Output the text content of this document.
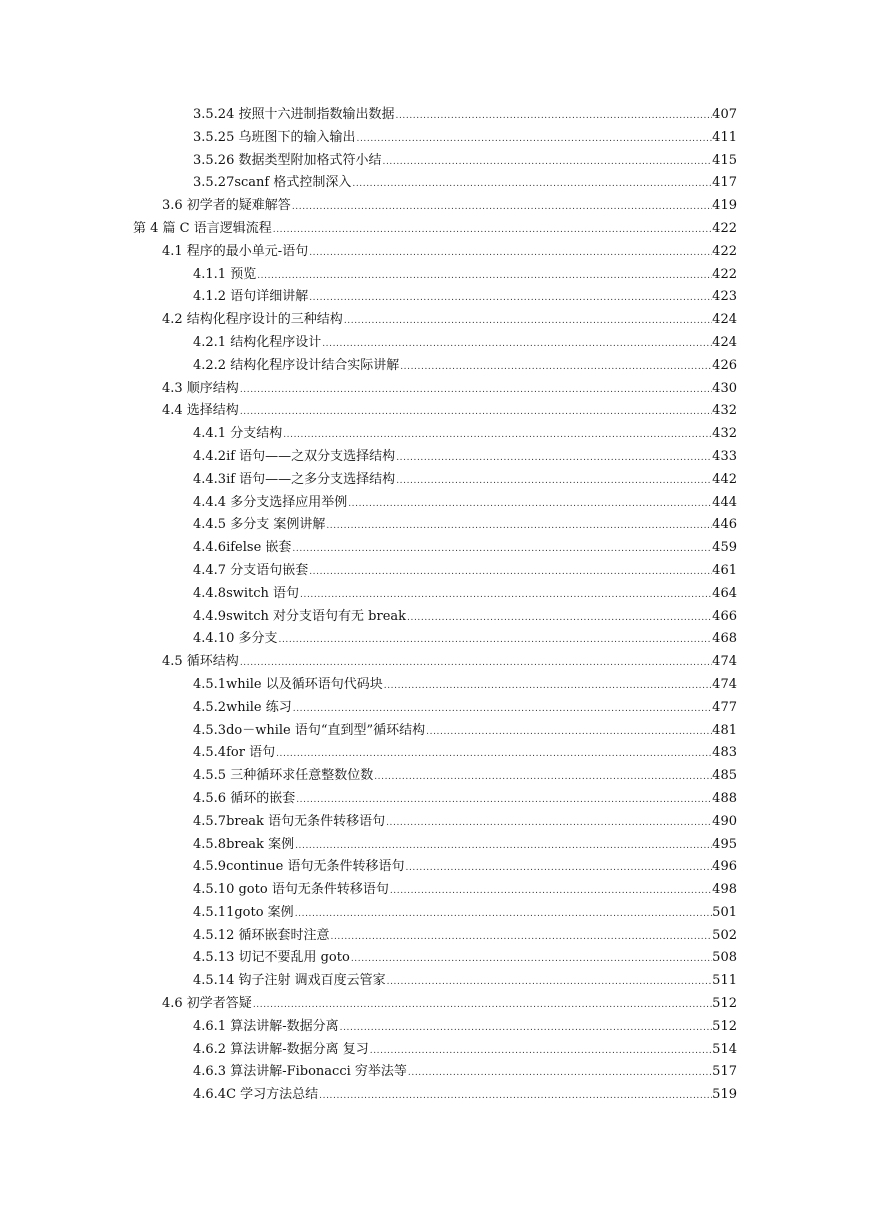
3.5.24 按照十六进制指数输出数据 .....	407
3.5.25 乌班图下的输入输出 .....	411
3.5.26 数据类型附加格式符小结 .....	415
3.5.27scanf 格式控制深入 .....	417
3.6 初学者的疑难解答 .....	419
第 4 篇 C 语言逻辑流程 .....	422
4.1 程序的最小单元-语句 .....	422
4.1.1 预览 .....	422
4.1.2 语句详细讲解 .....	423
4.2 结构化程序设计的三种结构 .....	424
4.2.1 结构化程序设计 .....	424
4.2.2 结构化程序设计结合实际讲解 .....	426
4.3 顺序结构 .....	430
4.4 选择结构 .....	432
4.4.1 分支结构 .....	432
4.4.2if 语句——之双分支选择结构 .....	433
4.4.3if 语句——之多分支选择结构 .....	442
4.4.4 多分支选择应用举例 .....	444
4.4.5 多分支 案例讲解 .....	446
4.4.6ifelse 嵌套 .....	459
4.4.7 分支语句嵌套 .....	461
4.4.8switch 语句 .....	464
4.4.9switch 对分支语句有无 break .....	466
4.4.10 多分支 .....	468
4.5 循环结构 .....	474
4.5.1while 以及循环语句代码块 .....	474
4.5.2while 练习 .....	477
4.5.3do－while 语句“直到型”循环结构 .....	481
4.5.4for 语句 .....	483
4.5.5 三种循环求任意整数位数 .....	485
4.5.6 循环的嵌套 .....	488
4.5.7break 语句无条件转移语句 .....	490
4.5.8break 案例 .....	495
4.5.9continue 语句无条件转移语句 .....	496
4.5.10 goto 语句无条件转移语句 .....	498
4.5.11goto 案例 .....	501
4.5.12 循环嵌套时注意 .....	502
4.5.13 切记不要乱用 goto .....	508
4.5.14 钩子注射 调戏百度云管家 .....	511
4.6 初学者答疑 .....	512
4.6.1 算法讲解-数据分离 .....	512
4.6.2 算法讲解-数据分离 复习 .....	514
4.6.3 算法讲解-Fibonacci 穷举法等 .....	517
4.6.4C 学习方法总结 .....	519
